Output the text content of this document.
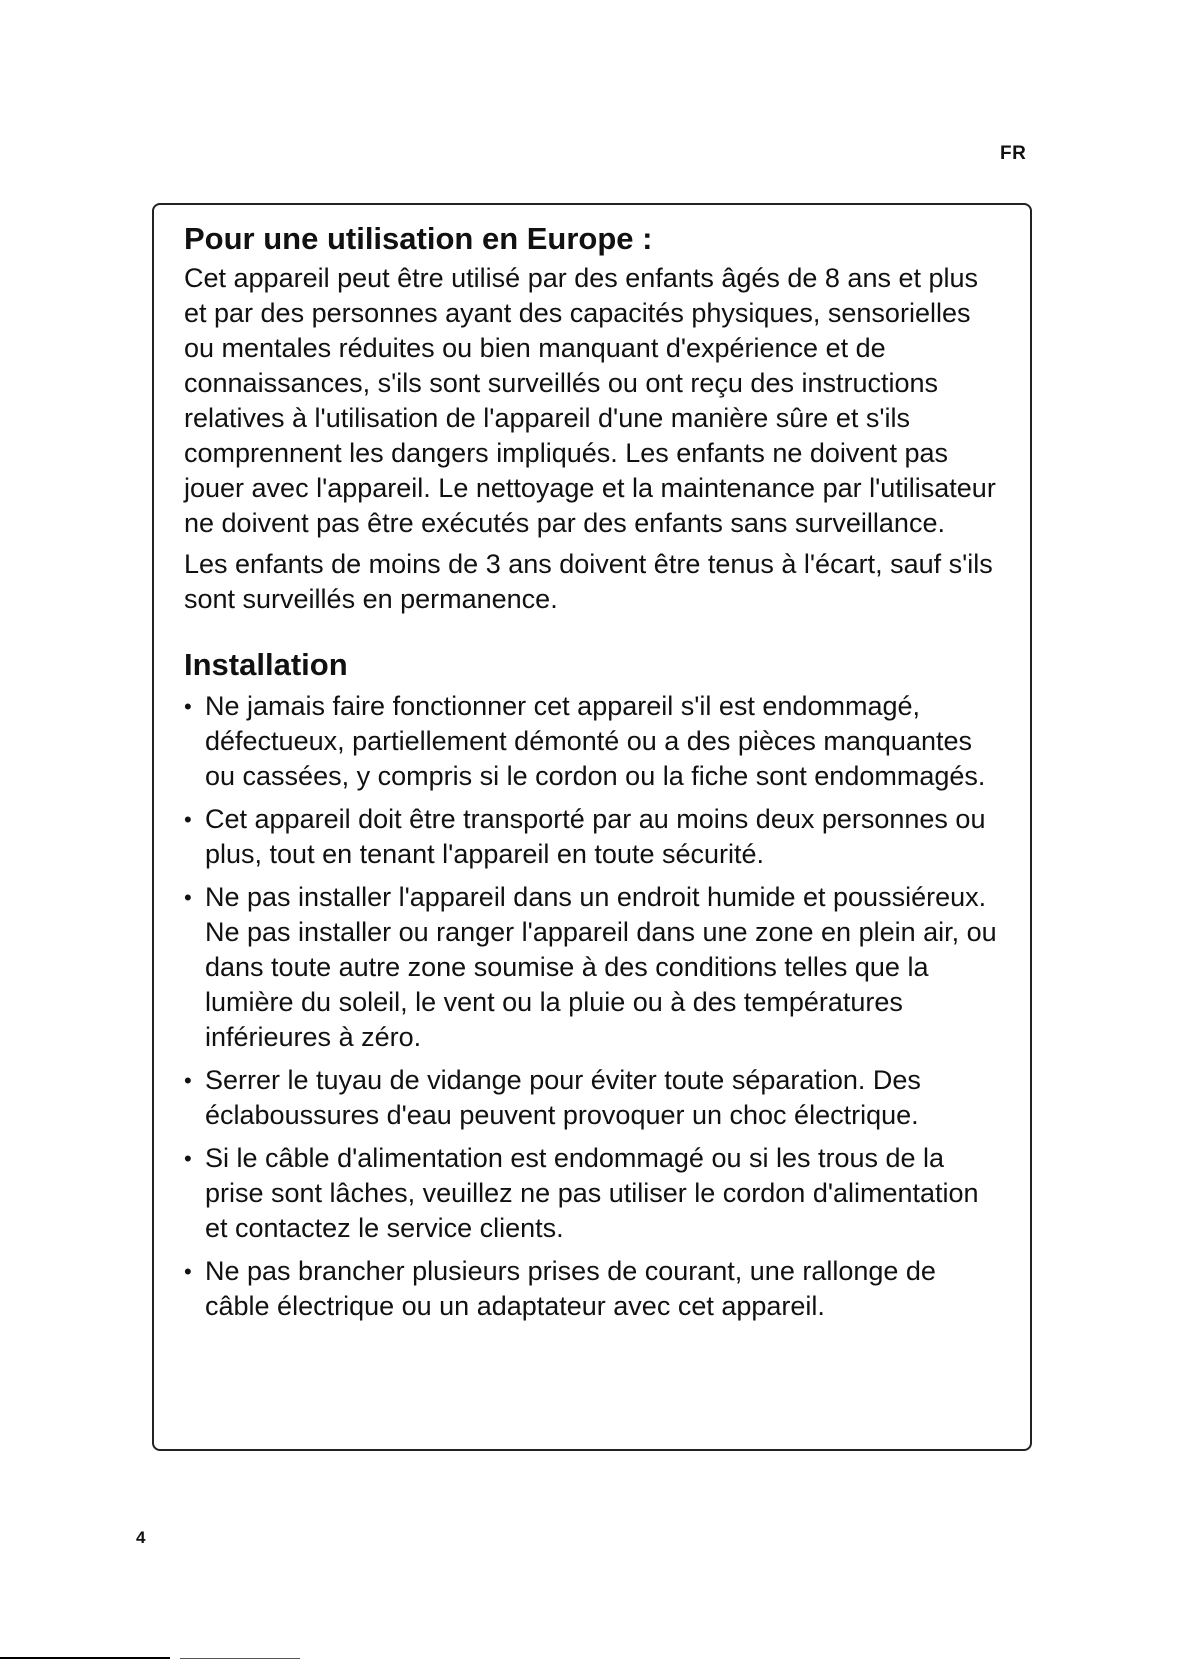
FR
Pour une utilisation en Europe :

Cet appareil peut être utilisé par des enfants âgés de 8 ans et plus et par des personnes ayant des capacités physiques, sensorielles ou mentales réduites ou bien manquant d'expérience et de connaissances, s'ils sont surveillés ou ont reçu des instructions relatives à l'utilisation de l'appareil d'une manière sûre et s'ils comprennent les dangers impliqués. Les enfants ne doivent pas jouer avec l'appareil. Le nettoyage et la maintenance par l'utilisateur ne doivent pas être exécutés par des enfants sans surveillance.

Les enfants de moins de 3 ans doivent être tenus à l'écart, sauf s'ils sont surveillés en permanence.

Installation
• Ne jamais faire fonctionner cet appareil s'il est endommagé, défectueux, partiellement démonté ou a des pièces manquantes ou cassées, y compris si le cordon ou la fiche sont endommagés.
• Cet appareil doit être transporté par au moins deux personnes ou plus, tout en tenant l'appareil en toute sécurité.
• Ne pas installer l'appareil dans un endroit humide et poussiéreux. Ne pas installer ou ranger l'appareil dans une zone en plein air, ou dans toute autre zone soumise à des conditions telles que la lumière du soleil, le vent ou la pluie ou à des températures inférieures à zéro.
• Serrer le tuyau de vidange pour éviter toute séparation. Des éclaboussures d'eau peuvent provoquer un choc électrique.
• Si le câble d'alimentation est endommagé ou si les trous de la prise sont lâches, veuillez ne pas utiliser le cordon d'alimentation et contactez le service clients.
• Ne pas brancher plusieurs prises de courant, une rallonge de câble électrique ou un adaptateur avec cet appareil.
4
